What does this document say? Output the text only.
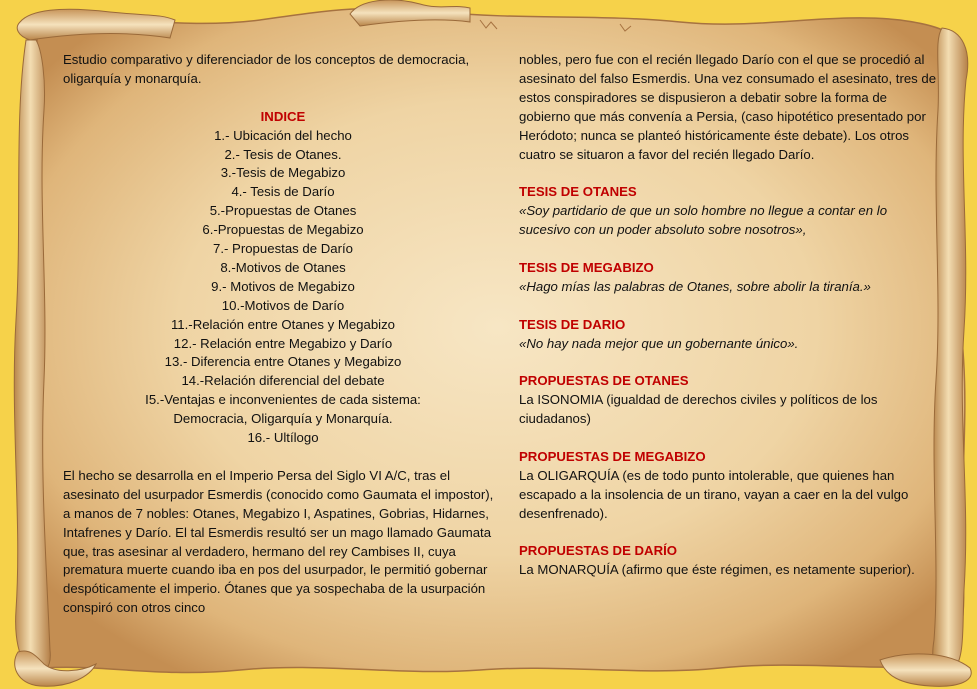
Estudio comparativo y diferenciador de los conceptos de democracia, oligarquía y monarquía.

INDICE

1.- Ubicación del hecho

2.- Tesis de Otanes.

3.-Tesis de Megabizo

4.- Tesis de Darío

5.-Propuestas de Otanes

6.-Propuestas de Megabizo

7.- Propuestas de Darío

8.-Motivos de Otanes

9.- Motivos de Megabizo

10.-Motivos de Darío

11.-Relación entre Otanes y Megabizo

12.- Relación entre Megabizo y Darío

13.- Diferencia entre Otanes y Megabizo

14.-Relación diferencial del debate

I5.-Ventajas e inconvenientes de cada sistema:

Democracia, Oligarquía y Monarquía.

16.- Ultílogo

El hecho se desarrolla en el Imperio Persa del Siglo VI A/C, tras el asesinato del usurpador Esmerdis (conocido como Gaumata el impostor), a manos de 7 nobles: Otanes, Megabizo I, Aspatines, Gobrias, Hidarnes, Intafrenes y Darío. El tal Esmerdis resultó ser un mago llamado Gaumata que, tras asesinar al verdadero, hermano del rey Cambises II, cuya prematura muerte cuando iba en pos del usurpador, le permitió gobernar despóticamente el imperio. Ótanes que ya sospechaba de la usurpación conspiró con otros cinco

nobles, pero fue con el recién llegado Darío con el que se procedió al asesinato del falso Esmerdis. Una vez consumado el asesinato, tres de estos conspiradores se dispusieron a debatir sobre la forma de gobierno que más convenía a Persia, (caso hipotético presentado por Heródoto; nunca se planteó históricamente éste debate). Los otros cuatro se situaron a favor del recién llegado Darío.

TESIS DE OTANES

«Soy partidario de que un solo hombre no llegue a contar en lo sucesivo con un poder absoluto sobre nosotros»,

TESIS DE MEGABIZO

«Hago mías las palabras de Otanes, sobre abolir la tiranía.»

TESIS DE DARIO

«No hay nada mejor que un gobernante único».

PROPUESTAS DE OTANES

La ISONOMIA (igualdad de derechos civiles y políticos de los ciudadanos)

PROPUESTAS DE MEGABIZO

La OLIGARQUÍA (es de todo punto intolerable, que quienes han escapado a la insolencia de un tirano, vayan a caer en la del vulgo desenfrenado).

PROPUESTAS DE DARÍO

La MONARQUÍA (afirmo que éste régimen, es netamente superior).
